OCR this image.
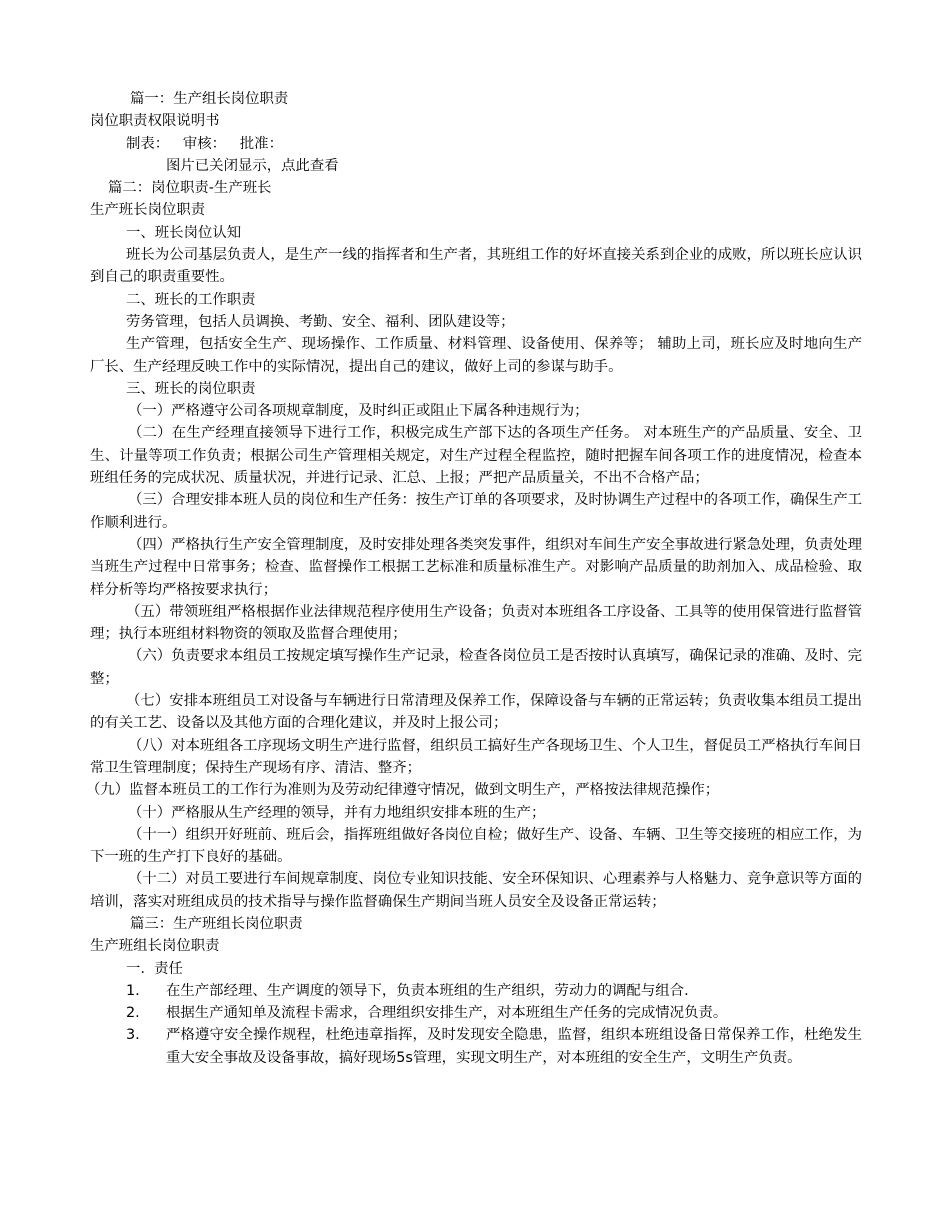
篇一：生产组长岗位职责

岗位职责权限说明书

制表：   审核：   批准：

图片已关闭显示，点此查看

篇二：岗位职责-生产班长

生产班长岗位职责

一、班长岗位认知

班长为公司基层负责人，是生产一线的指挥者和生产者，其班组工作的好坏直接关系到企业的成败，所以班长应认识到自己的职责重要性。

二、班长的工作职责

劳务管理，包括人员调换、考勤、安全、福利、团队建设等；

生产管理，包括安全生产、现场操作、工作质量、材料管理、设备使用、保养等； 辅助上司，班长应及时地向生产厂长、生产经理反映工作中的实际情况，提出自己的建议，做好上司的参谋与助手。

三、班长的岗位职责

（一）严格遵守公司各项规章制度，及时纠正或阻止下属各种违规行为；

（二）在生产经理直接领导下进行工作，积极完成生产部下达的各项生产任务。 对本班生产的产品质量、安全、卫生、计量等项工作负责；根据公司生产管理相关规定，对生产过程全程监控，随时把握车间各项工作的进度情况，检查本班组任务的完成状况、质量状况，并进行记录、汇总、上报；严把产品质量关，不出不合格产品；

（三）合理安排本班人员的岗位和生产任务：按生产订单的各项要求，及时协调生产过程中的各项工作，确保生产工作顺利进行。

（四）严格执行生产安全管理制度，及时安排处理各类突发事件，组织对车间生产安全事故进行紧急处理，负责处理当班生产过程中日常事务；检查、监督操作工根据工艺标准和质量标准生产。对影响产品质量的助剂加入、成品检验、取样分析等均严格按要求执行；

（五）带领班组严格根据作业法律规范程序使用生产设备；负责对本班组各工序设备、工具等的使用保管进行监督管理；执行本班组材料物资的领取及监督合理使用；

（六）负责要求本组员工按规定填写操作生产记录，检查各岗位员工是否按时认真填写，确保记录的准确、及时、完整；

（七）安排本班组员工对设备与车辆进行日常清理及保养工作，保障设备与车辆的正常运转；负责收集本组员工提出的有关工艺、设备以及其他方面的合理化建议，并及时上报公司；

（八）对本班组各工序现场文明生产进行监督，组织员工搞好生产各现场卫生、个人卫生，督促员工严格执行车间日常卫生管理制度；保持生产现场有序、清洁、整齐；

（九）监督本班员工的工作行为准则为及劳动纪律遵守情况，做到文明生产，严格按法律规范操作；

（十）严格服从生产经理的领导，并有力地组织安排本班的生产；

（十一）组织开好班前、班后会，指挥班组做好各岗位自检；做好生产、设备、车辆、卫生等交接班的相应工作，为下一班的生产打下良好的基础。

（十二）对员工要进行车间规章制度、岗位专业知识技能、安全环保知识、心理素养与人格魅力、竞争意识等方面的培训，落实对班组成员的技术指导与操作监督确保生产期间当班人员安全及设备正常运转；

篇三：生产班组长岗位职责

生产班组长岗位职责

一.  责任

1.	在生产部经理、生产调度的领导下，负责本班组的生产组织，劳动力的调配与组合.
2.	根据生产通知单及流程卡需求，合理组织安排生产，对本班组生产任务的完成情况负责。
3.	严格遵守安全操作规程，杜绝违章指挥，及时发现安全隐患，监督，组织本班组设备日常保养工作，杜绝发生重大安全事故及设备事故，搞好现场5s管理，实现文明生产，对本班组的安全生产，文明生产负责。
